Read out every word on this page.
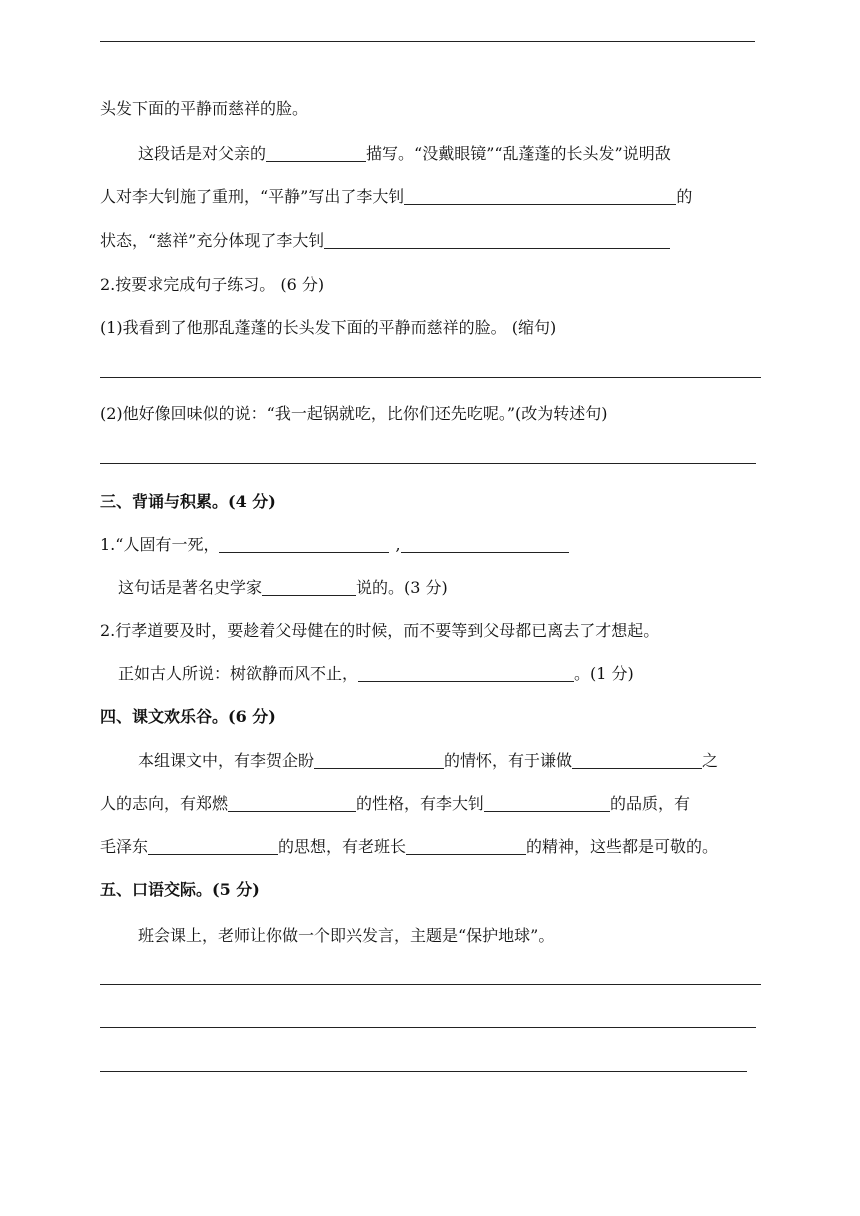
头发下面的平静而慈祥的脸。
这段话是对父亲的	描写。“没戴眼镜”“乱蓬蓬的长头发”说明敌
人对李大钊施了重刑，“平静”写出了李大钊	的
状态，“慈祥”充分体现了李大钊
2.按要求完成句子练习。 (6 分)
(1)我看到了他那乱蓬蓬的长头发下面的平静而慈祥的脸。 (缩句)
(2)他好像回味似的说：“我一起锅就吃，比你们还先吃呢。”(改为转述句)
三、背诵与积累。(4 分)
1.“人固有一死，	,
这句话是著名史学家	说的。(3 分)
2.行孝道要及时，要趁着父母健在的时候，而不要等到父母都已离去了才想起。
正如古人所说：树欲静而风不止，	。(1 分)
四、课文欢乐谷。(6 分)
本组课文中，有李贺企盼	的情怀，有于谦做	之
人的志向，有郑燃	的性格，有李大钊	的品质，有
毛泽东	的思想，有老班长	的精神，这些都是可敬的。
五、口语交际。(5 分)
班会课上，老师让你做一个即兴发言，主题是“保护地球”。
